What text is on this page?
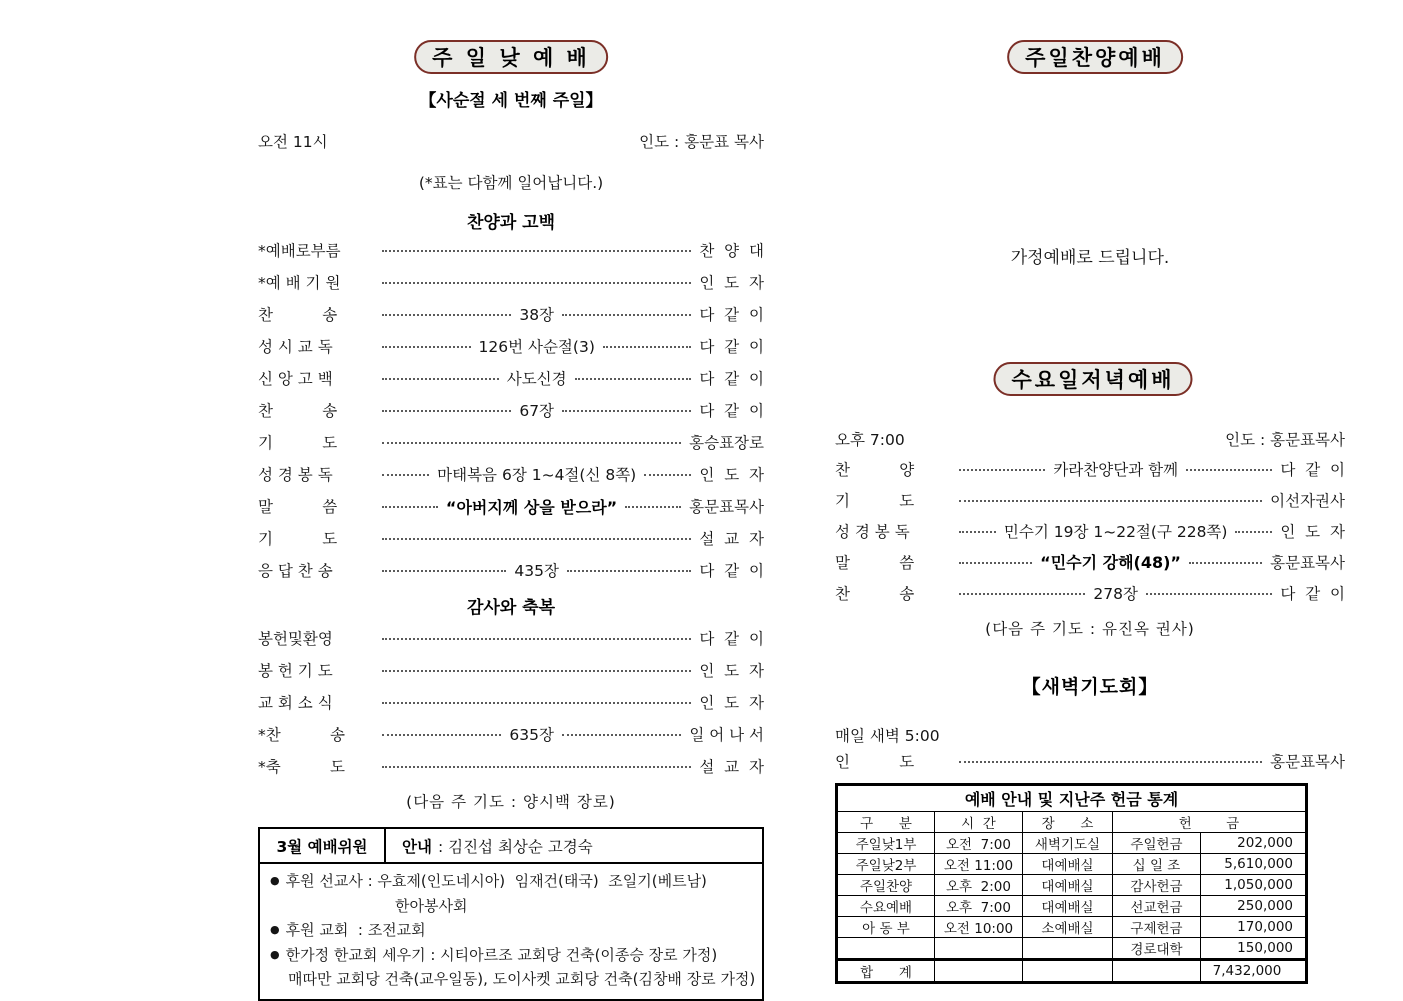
주 일 낮 예 배
【사순절 세 번째 주일】
오전 11시	인도 : 홍문표 목사
(*표는 다함께 일어납니다.)
찬양과 고백
*예배로부름	찬  양  대
*예 배 기 원	인  도  자
찬          송	38장	다  같  이
성 시 교 독	126번 사순절(3)	다  같  이
신 앙 고 백	사도신경	다  같  이
찬          송	67장	다  같  이
기          도	홍승표장로
성 경 봉 독	마태복음 6장 1~4절(신 8쪽)	인  도  자
말          씀	“아버지께 상을 받으라”	홍문표목사
기          도	설  교  자
응 답 찬 송	435장	다  같  이
감사와 축복
봉헌및환영	다  같  이
봉 헌 기 도	인  도  자
교 회 소 식	인  도  자
*찬          송	635장	일 어 나 서
*축          도	설  교  자
(다음 주 기도 : 양시백 장로)
3월 예배위원	안내 : 김진섭 최상순 고경숙
● 후원 선교사 : 우효제(인도네시아)  임재건(태국)  조일기(베트남)
한아봉사회
● 후원 교회  : 조전교회
● 한가정 한교회 세우기 : 시티아르조 교회당 건축(이종승 장로 가정)
매따만 교회당 건축(교우일동), 도이사켓 교회당 건축(김창배 장로 가정)
주일찬양예배
가정예배로 드립니다.
수요일저녁예배
오후 7:00	인도 : 홍문표목사
찬          양	카라찬양단과 함께	다  같  이
기          도	이선자권사
성 경 봉 독	민수기 19장 1~22절(구 228쪽)	인  도  자
말          씀	“민수기 강해(48)”	홍문표목사
찬          송	278장	다  같  이
(다음 주 기도 : 유진옥 권사)
【새벽기도회】
매일 새벽 5:00
인          도	홍문표목사
예배 안내 및 지난주 헌금 통계				
구      분	시  간	장      소	헌        금	
주일낮1부	오전  7:00	새벽기도실	주일헌금	202,000
주일낮2부	오전 11:00	대예배실	십 일 조	5,610,000
주일찬양	오후  2:00	대예배실	감사헌금	1,050,000
수요예배	오후  7:00	대예배실	선교헌금	250,000
아 동 부	오전 10:00	소예배실	구제헌금	170,000
			경로대학	150,000
합      계				7,432,000
